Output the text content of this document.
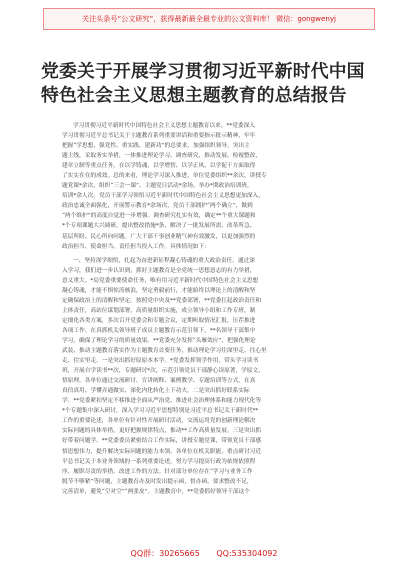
关注头条号“公文研究”，获得最新最全最专业的公文资料库！ 微信：gongwenyj
党委关于开展学习贯彻习近平新时代中国
特色社会主义思想主题教育的总结报告
学习贯彻习近平新时代中国特色社会主义思想主题教育以来，**党委深入
学习贯彻习近平总书记关于主题教育系列重要讲话和重要指示批示精神，牢牢
把握“学思想、强党性、重实践、建新功”的总要求，加强组织领导，突出主
题主线，采取务实举措，一体推进理论学习、调查研究、推动发展、检视整改，
建章立制等重点任务，在以学铸魂、以学增智、以学正风、以学促干方面取得
了实实在在的成效。总的来看，理论学习深入推进，单位党委组织**余次，讲授专
题党课*余次，组织“三会一课”、主题党日活动*余场，举办*期政治培训班，
培训*余人次。党员干部学习领悟习近平新时代中国特色社会主义思想更加深入，
政治忠诚全面强化，开展警示教育*余场次，党员干部拥护“两个确立”，做到
“两个维护”的高度自觉进一步增强。调查研究扎实有效，确定**个重大课题和
*个专项课题大兴调研，提出整改措施*条，解决了一批发展所需、改革所急、
基层所盼、民心所向问题。广大干部干事创业精气神有效激发，以更加强烈的
政治担当、使命担当、责任担当投入工作。具体情况如下：
一、坚持深学细悟，扎起为奋进新征程凝心铸魂的重大政治责任。通过深
入学习，我们进一步认识到，抓好主题教育是全党统一思想意志的有力举措，
意义重大。*局党委重要使命任务，唯有用习近平新时代中国特色社会主义思想
凝心铸魂，才能不惧惊涛骇浪，坚定勇毅前行，才能始终以理论上的清醒和坚
定确保政治上的清醒和坚定。按照党中央及**党委部署，**党委扛起政治责任和
主体责任，高站位谋划部署，高质量组织实施，成立领导小组和工作专班，制
定细化各类方案，多次召开党委会和专题会议，定期听取情况汇报，压茬推进
各项工作。在真抓机关领导班子成员主题教育示范引领下，**名领导干部集中
学习，确保了理论学习的质量效果。**党委充分发挥“头雁效应”，把强化理论
武装、推动主题教育落实作为主题教育首要任务，推动理论学习往深里走、往心里
走、往实里走。一是突出抓好原原本本学。*党委发挥领学作用，带头学习读书
班，开展自学读书**次，专题研讨*次，示范引领党员干部静心读原著，学原文、
悟原理。各单位通过交流研讨、宣讲阐释、案例教学、专题培训等方式，在真
真信真用、学懂弄通做实、深化内化转化上下功夫。二是突出抓好联系实际
学。**党委紧扣坚定不移推进全面从严治党、推进社会治理体系和能力现代化等
*个专题集中深入研讨，深入学习习近平思想特别是习近平总书记关于新时代**
工作的重要论述，各单位有针对性开展研讨活动，交流运用党的创新理论解决
实际问题的具体举措，更好把握规律特点，推动**工作高质量发展。三是突出抓
好带着问题学。**党委委员紧密结合工作实际，讲授专题党课，带领党员干部感
悟思想伟力，提升解决实际问题的能力本领。各单位在机关职能、重点研讨习近
平总书记关于本业务领域的一系列重要论述，努力学习提高行政为依规依照程
序、履职尽责的举措。改进工作的方法。针对部分单位存在“学习与业务工作
脱节不够紧”等问题，主题教育办及时发出提示函，督办函，要求整改不足，
完善清单，避免“空对空”“两张皮”。主题教育中，**党委抓好领导干部这个
QQ群：30265665 QQ:535304092
